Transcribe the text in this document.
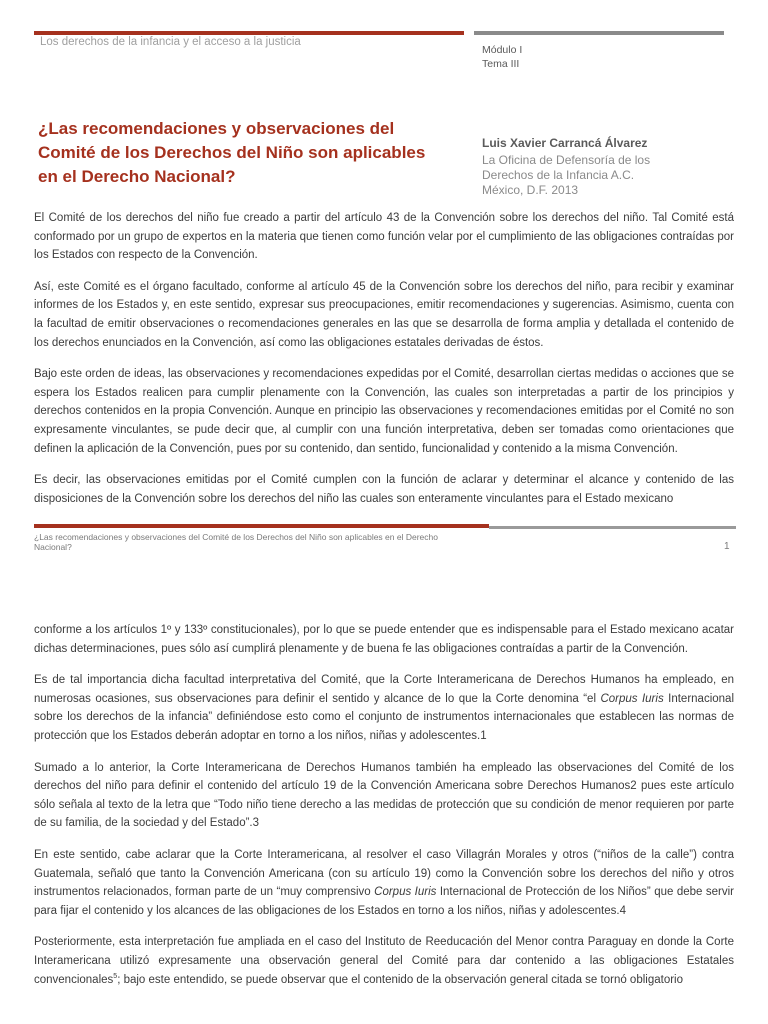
Los derechos de la infancia y el acceso a la justicia
Módulo I
Tema III
¿Las recomendaciones y observaciones del Comité de los Derechos del Niño son aplicables en el Derecho Nacional?
Luis Xavier Carrancá Álvarez
La Oficina de Defensoría de los
Derechos de la Infancia A.C.
México, D.F. 2013

El Comité de los derechos del niño fue creado a partir del artículo 43 de la Convención sobre los derechos del niño. Tal Comité está conformado por un grupo de expertos en la materia que tienen como función velar por el cumplimiento de las obligaciones contraídas por los Estados con respecto de la Convención.

Así, este Comité es el órgano facultado, conforme al artículo 45 de la Convención sobre los derechos del niño, para recibir y examinar informes de los Estados y, en este sentido, expresar sus preocupaciones, emitir recomendaciones y sugerencias. Asimismo, cuenta con la facultad de emitir observaciones o recomendaciones generales en las que se desarrolla de forma amplia y detallada el contenido de los derechos enunciados en la Convención, así como las obligaciones estatales derivadas de éstos.

Bajo este orden de ideas, las observaciones y recomendaciones expedidas por el Comité, desarrollan ciertas medidas o acciones que se espera los Estados realicen para cumplir plenamente con la Convención, las cuales son interpretadas a partir de los principios y derechos contenidos en la propia Convención. Aunque en principio las observaciones y recomendaciones emitidas por el Comité no son expresamente vinculantes, se pude decir que, al cumplir con una función interpretativa, deben ser tomadas como orientaciones que definen la aplicación de la Convención, pues por su contenido, dan sentido, funcionalidad y contenido a la misma Convención.

Es decir, las observaciones emitidas por el Comité cumplen con la función de aclarar y determinar el alcance y contenido de las disposiciones de la Convención sobre los derechos del niño las cuales son enteramente vinculantes para el Estado mexicano

¿Las recomendaciones y observaciones del Comité de los Derechos del Niño son aplicables en el Derecho Nacional?	1

conforme a los artículos 1º y 133º constitucionales), por lo que se puede entender que es indispensable para el Estado mexicano acatar dichas determinaciones, pues sólo así cumplirá plenamente y de buena fe las obligaciones contraídas a partir de la Convención.

Es de tal importancia dicha facultad interpretativa del Comité, que la Corte Interamericana de Derechos Humanos ha empleado, en numerosas ocasiones, sus observaciones para definir el sentido y alcance de lo que la Corte denomina “el Corpus Iuris Internacional sobre los derechos de la infancia” definiéndose esto como el conjunto de instrumentos internacionales que establecen las normas de protección que los Estados deberán adoptar en torno a los niños, niñas y adolescentes.1

Sumado a lo anterior, la Corte Interamericana de Derechos Humanos también ha empleado las observaciones del Comité de los derechos del niño para definir el contenido del artículo 19 de la Convención Americana sobre Derechos Humanos2 pues este artículo sólo señala al texto de la letra que “Todo niño tiene derecho a las medidas de protección que su condición de menor requieren por parte de su familia, de la sociedad y del Estado”.3

En este sentido, cabe aclarar que la Corte Interamericana, al resolver el caso Villagrán Morales y otros (“niños de la calle”) contra Guatemala, señaló que tanto la Convención Americana (con su artículo 19) como la Convención sobre los derechos del niño y otros instrumentos relacionados, forman parte de un “muy comprensivo Corpus Iuris Internacional de Protección de los Niños” que debe servir para fijar el contenido y los alcances de las obligaciones de los Estados en torno a los niños, niñas y adolescentes.4

Posteriormente, esta interpretación fue ampliada en el caso del Instituto de Reeducación del Menor contra Paraguay en donde la Corte Interamericana utilizó expresamente una observación general del Comité para dar contenido a las obligaciones Estatales convencionales$^5$; bajo este entendido, se puede observar que el contenido de la observación general citada se tornó obligatorio
